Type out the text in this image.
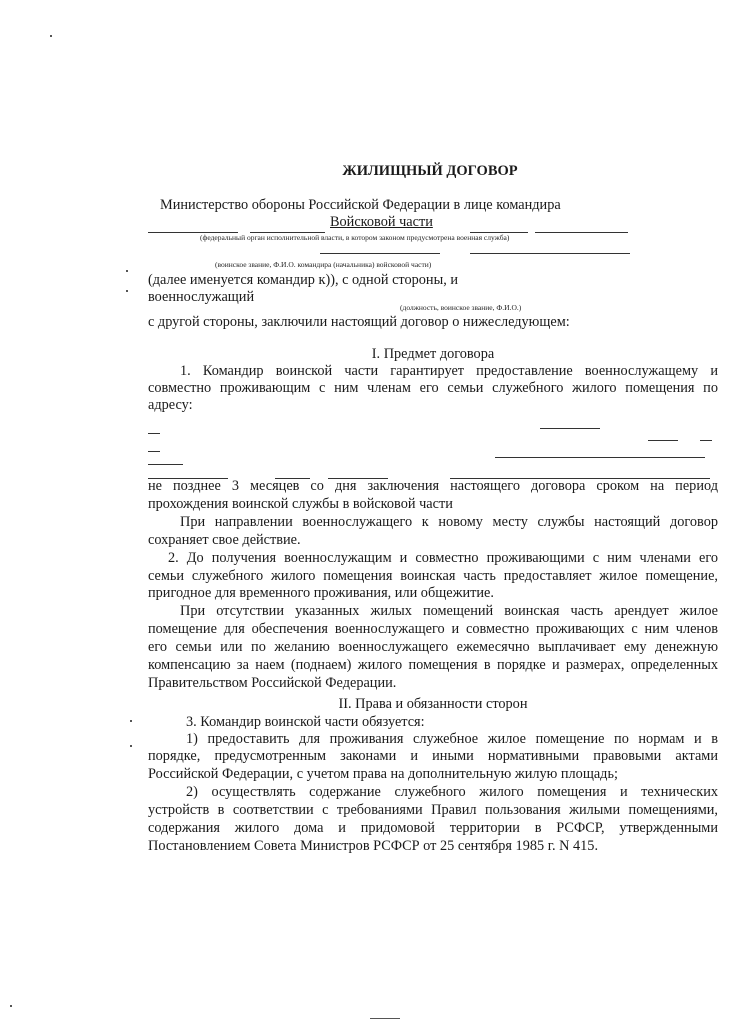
ЖИЛИЩНЫЙ ДОГОВОР
Министерство обороны Российской Федерации в лице командира
Войсковой части
(федеральный орган исполнительной власти, в котором законом предусмотрена военная служба)
(воинское звание, Ф.И.О. командира (начальника) войсковой части)
(далее именуется командир к)), с одной стороны, и
военнослужащий
(должность, воинское звание, Ф.И.О.)
с другой стороны, заключили настоящий договор о нижеследующем:
I. Предмет договора
1. Командир воинской части гарантирует предоставление военнослужащему и
совместно проживающим с ним членам его семьи служебного жилого помещения по
адресу:
не позднее 3 месяцев со дня заключения настоящего договора сроком на период
прохождения воинской службы в войсковой части
При направлении военнослужащего к новому месту службы настоящий договор
сохраняет свое действие.
2. До получения военнослужащим и совместно проживающими с ним членами его
семьи служебного жилого помещения воинская часть предоставляет жилое помещение,
пригодное для временного проживания, или общежитие.
При отсутствии указанных жилых помещений воинская часть арендует жилое
помещение для обеспечения военнослужащего и совместно проживающих с ним членов
его семьи или по желанию военнослужащего ежемесячно выплачивает ему денежную
компенсацию за наем (поднаем) жилого помещения в порядке и размерах, определенных
Правительством Российской Федерации.
II. Права и обязанности сторон
3. Командир воинской части обязуется:
1) предоставить для проживания служебное жилое помещение по нормам и в
порядке, предусмотренным законами и иными нормативными правовыми актами
Российской Федерации, с учетом права на дополнительную жилую площадь;
2) осуществлять содержание служебного жилого помещения и технических
устройств в соответствии с требованиями Правил пользования жилыми помещениями,
содержания жилого дома и придомовой территории в РСФСР, утвержденными
Постановлением Совета Министров РСФСР от 25 сентября 1985 г. N 415.
